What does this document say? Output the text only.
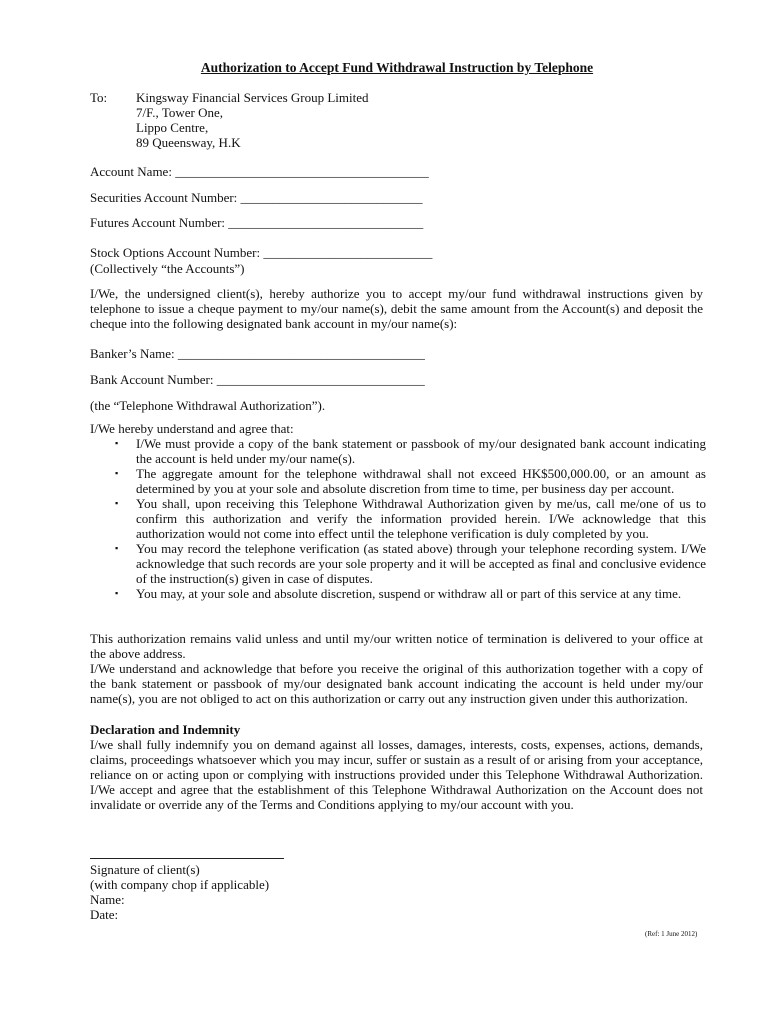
Authorization to Accept Fund Withdrawal Instruction by Telephone
To: Kingsway Financial Services Group Limited
7/F., Tower One,
Lippo Centre,
89 Queensway, H.K
Account Name: _______________________________________
Securities Account Number: ____________________________
Futures Account Number: ______________________________
Stock Options Account Number: __________________________
(Collectively “the Accounts”)
I/We, the undersigned client(s), hereby authorize you to accept my/our fund withdrawal instructions given by telephone to issue a cheque payment to my/our name(s), debit the same amount from the Account(s) and deposit the cheque into the following designated bank account in my/our name(s):
Banker’s Name: ______________________________________
Bank Account Number: ________________________________
(the “Telephone Withdrawal Authorization”).
I/We hereby understand and agree that:
▪ I/We must provide a copy of the bank statement or passbook of my/our designated bank account indicating the account is held under my/our name(s).
▪ The aggregate amount for the telephone withdrawal shall not exceed HK$500,000.00, or an amount as determined by you at your sole and absolute discretion from time to time, per business day per account.
▪ You shall, upon receiving this Telephone Withdrawal Authorization given by me/us, call me/one of us to confirm this authorization and verify the information provided herein. I/We acknowledge that this authorization would not come into effect until the telephone verification is duly completed by you.
▪ You may record the telephone verification (as stated above) through your telephone recording system. I/We acknowledge that such records are your sole property and it will be accepted as final and conclusive evidence of the instruction(s) given in case of disputes.
▪ You may, at your sole and absolute discretion, suspend or withdraw all or part of this service at any time.
This authorization remains valid unless and until my/our written notice of termination is delivered to your office at the above address.
I/We understand and acknowledge that before you receive the original of this authorization together with a copy of the bank statement or passbook of my/our designated bank account indicating the account is held under my/our name(s), you are not obliged to act on this authorization or carry out any instruction given under this authorization.
Declaration and Indemnity
I/we shall fully indemnify you on demand against all losses, damages, interests, costs, expenses, actions, demands, claims, proceedings whatsoever which you may incur, suffer or sustain as a result of or arising from your acceptance, reliance on or acting upon or complying with instructions provided under this Telephone Withdrawal Authorization. I/We accept and agree that the establishment of this Telephone Withdrawal Authorization on the Account does not invalidate or override any of the Terms and Conditions applying to my/our account with you.
Signature of client(s)
(with company chop if applicable)
Name:
Date:
(Ref: 1 June 2012)
